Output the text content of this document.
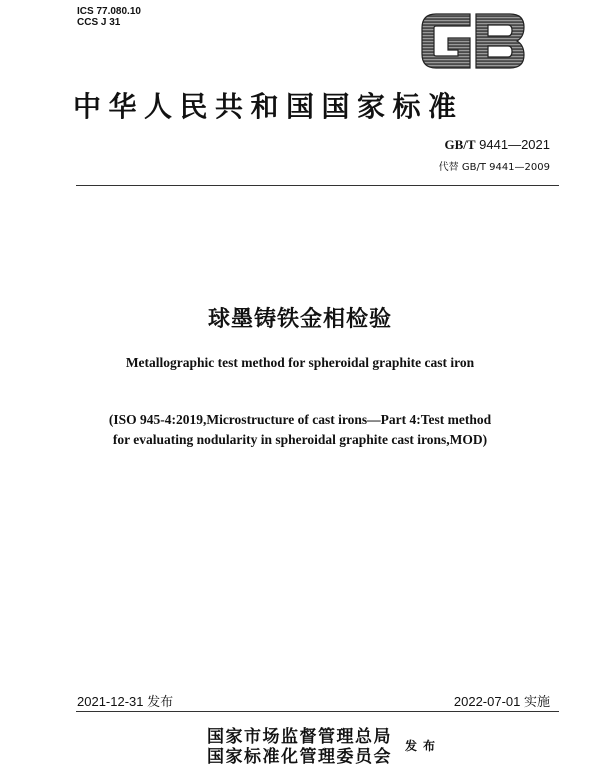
ICS 77.080.10
CCS J 31
中华人民共和国国家标准
GB/T 9441—2021
代替 GB/T 9441—2009
球墨铸铁金相检验
Metallographic test method for spheroidal graphite cast iron
(ISO 945-4:2019,Microstructure of cast irons—Part 4:Test method
for evaluating nodularity in spheroidal graphite cast irons,MOD)
2021-12-31 发布	2022-07-01 实施
国家市场监督管理总局
国家标准化管理委员会
发布
